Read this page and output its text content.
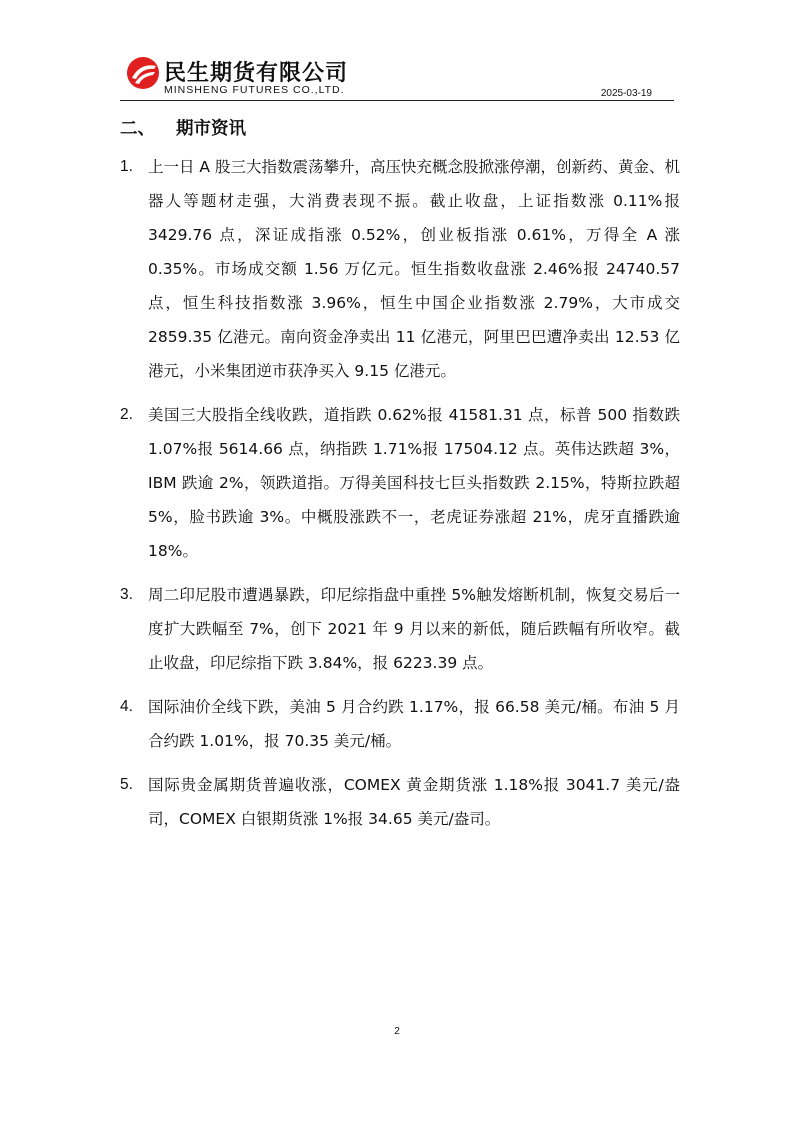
民生期货有限公司
MINSHENG FUTURES CO.,LTD.	2025-03-19
二、 期市资讯
1. 上一日 A 股三大指数震荡攀升，高压快充概念股掀涨停潮，创新药、黄金、机器人等题材走强，大消费表现不振。截止收盘，上证指数涨 0.11%报 3429.76 点，深证成指涨 0.52%，创业板指涨 0.61%，万得全 A 涨 0.35%。市场成交额 1.56 万亿元。恒生指数收盘涨 2.46%报 24740.57 点，恒生科技指数涨 3.96%，恒生中国企业指数涨 2.79%，大市成交 2859.35 亿港元。南向资金净卖出 11 亿港元，阿里巴巴遭净卖出 12.53 亿港元，小米集团逆市获净买入 9.15 亿港元。

2. 美国三大股指全线收跌，道指跌 0.62%报 41581.31 点，标普 500 指数跌 1.07%报 5614.66 点，纳指跌 1.71%报 17504.12 点。英伟达跌超 3%，IBM 跌逾 2%，领跌道指。万得美国科技七巨头指数跌 2.15%，特斯拉跌超 5%，脸书跌逾 3%。中概股涨跌不一，老虎证券涨超 21%，虎牙直播跌逾 18%。

3. 周二印尼股市遭遇暴跌，印尼综指盘中重挫 5%触发熔断机制，恢复交易后一度扩大跌幅至 7%，创下 2021 年 9 月以来的新低，随后跌幅有所收窄。截止收盘，印尼综指下跌 3.84%，报 6223.39 点。

4. 国际油价全线下跌，美油 5 月合约跌 1.17%，报 66.58 美元/桶。布油 5 月合约跌 1.01%，报 70.35 美元/桶。

5. 国际贵金属期货普遍收涨，COMEX 黄金期货涨 1.18%报 3041.7 美元/盎司，COMEX 白银期货涨 1%报 34.65 美元/盎司。

2
